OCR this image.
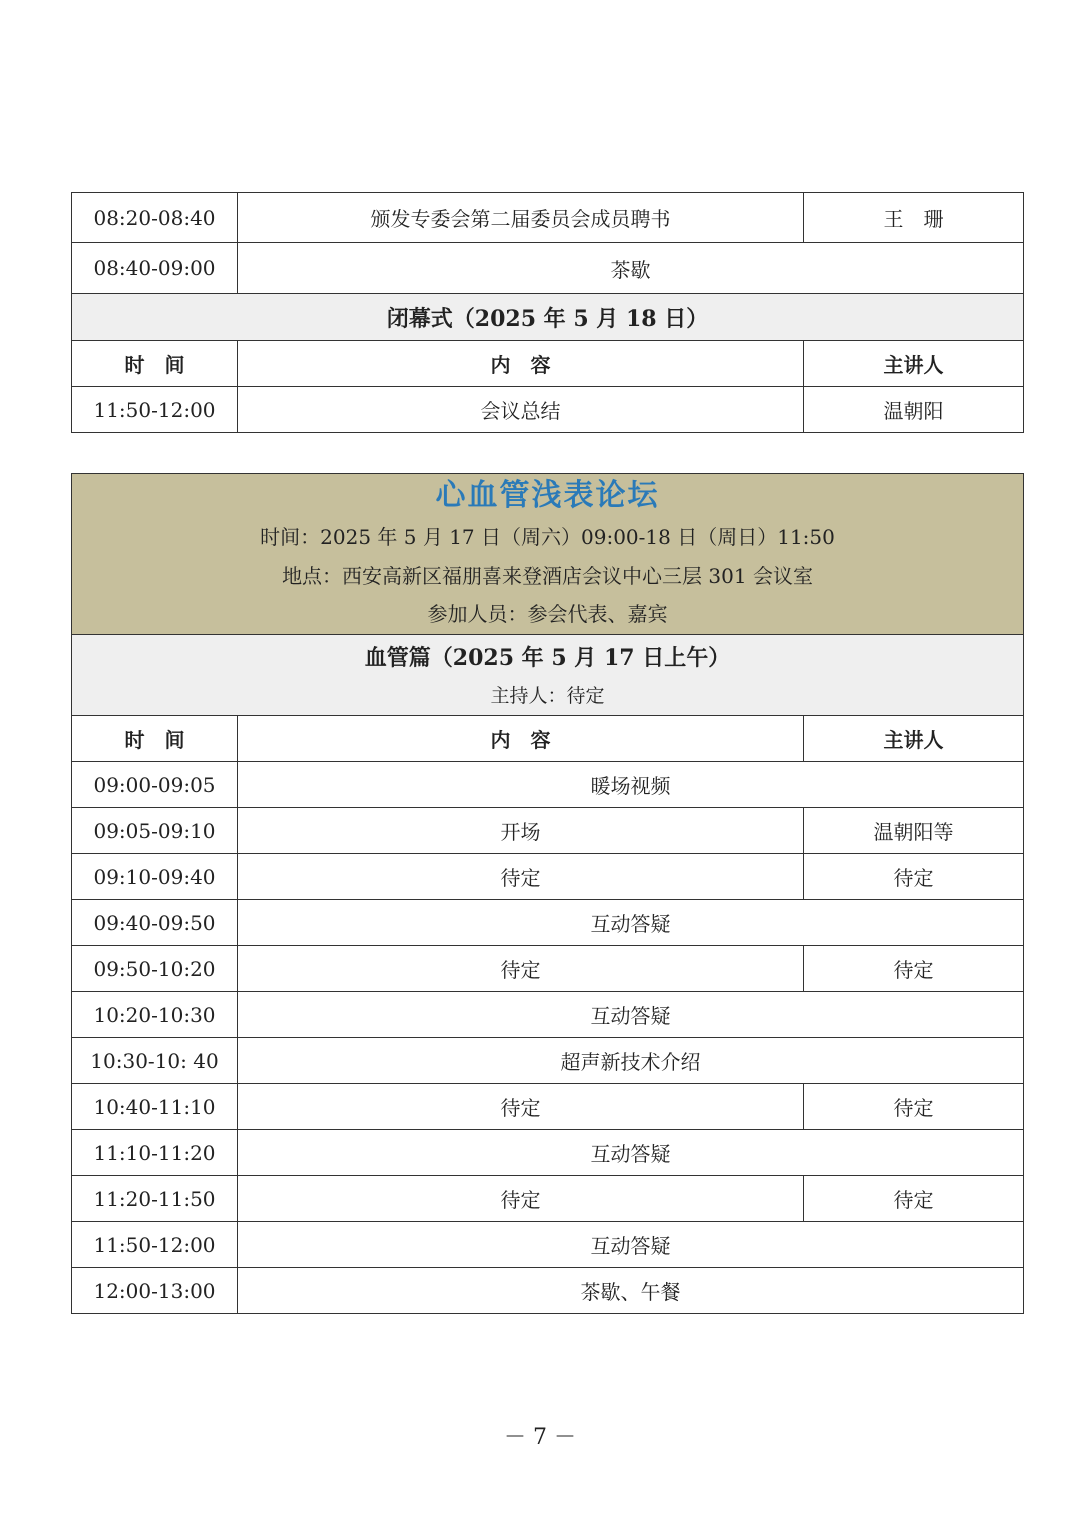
08:20-08:40	颁发专委会第二届委员会成员聘书	王　珊
08:40-09:00	茶歇	
闭幕式（2025 年 5 月 18 日）		
时　间	内　容	主讲人
11:50-12:00	会议总结	温朝阳
心血管浅表论坛
时间：2025 年 5 月 17 日（周六）09:00-18 日（周日）11:50
地点：西安高新区福朋喜来登酒店会议中心三层 301 会议室
参加人员：参会代表、嘉宾		

血管篇（2025 年 5 月 17 日上午）
主持人：待定		

时　间	内　容	主讲人
09:00-09:05	暖场视频	
09:05-09:10	开场	温朝阳等
09:10-09:40	待定	待定
09:40-09:50	互动答疑	
09:50-10:20	待定	待定
10:20-10:30	互动答疑	
10:30-10: 40	超声新技术介绍	
10:40-11:10	待定	待定
11:10-11:20	互动答疑	
11:20-11:50	待定	待定
11:50-12:00	互动答疑	
12:00-13:00	茶歇、午餐	
－ 7 －
